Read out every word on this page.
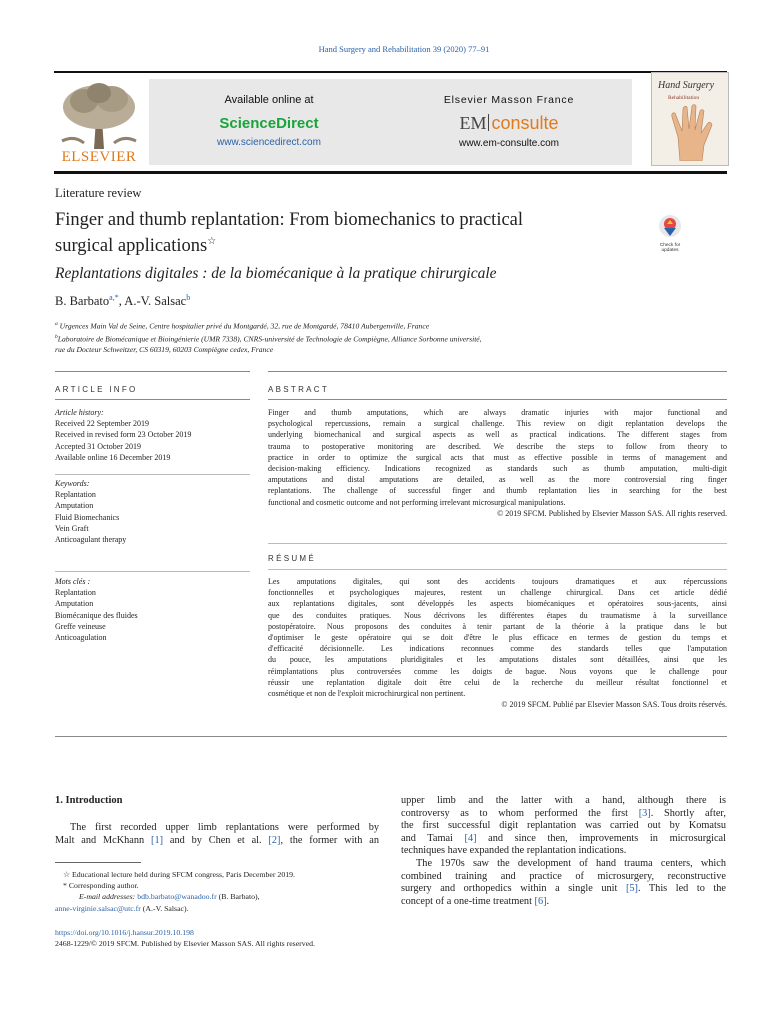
Hand Surgery and Rehabilitation 39 (2020) 77–91
ELSEVIER
Available online at
ScienceDirect
www.sciencedirect.com
Elsevier Masson France
EM consulte
www.em-consulte.com
Hand Surgery
Rehabilitation
Literature review
Finger and thumb replantation: From biomechanics to practical
surgical applications☆	Check for updates
Replantations digitales : de la biomécanique à la pratique chirurgicale
B. Barbato$^{a,*}$, A.-V. Salsac$^b$
$^a$ Urgences Main Val de Seine, Centre hospitalier privé du Montgardé, 32, rue de Montgardé, 78410 Aubergenville, France
$^b$Laboratoire de Biomécanique et Bioingénierie (UMR 7338), CNRS-université de Technologie de Compiègne, Alliance Sorbonne université,
rue du Docteur Schweitzer, CS 60319, 60203 Compiègne cedex, France
ARTICLE INFO
Article history:
Received 22 September 2019
Received in revised form 23 October 2019
Accepted 31 October 2019
Available online 16 December 2019
Keywords:
Replantation
Amputation
Fluid Biomechanics
Vein Graft
Anticoagulant therapy
Mots clés :
Replantation
Amputation
Biomécanique des fluides
Greffe veineuse
Anticoagulation
ABSTRACT
Finger and thumb amputations, which are always dramatic injuries with major functional and
psychological repercussions, remain a surgical challenge. This review on digit replantation develops the
underlying biomechanical and surgical aspects as well as practical indications. The different stages from
trauma to postoperative monitoring are described. We describe the steps to follow from theory to
practice in order to optimize the surgical acts that must as effective possible in terms of management and
decision-making efficiency. Indications recognized as standards such as thumb amputation, multi-digit
amputations and distal amputations are detailed, as well as the more controversial ring finger
replantations. The challenge of successful finger and thumb replantation lies in searching for the best
functional and cosmetic outcome and not performing irrelevant microsurgical manipulations.
© 2019 SFCM. Published by Elsevier Masson SAS. All rights reserved.
RÉSUMÉ
Les amputations digitales, qui sont des accidents toujours dramatiques et aux répercussions
fonctionnelles et psychologiques majeures, restent un challenge chirurgical. Dans cet article dédié
aux replantations digitales, sont développés les aspects biomécaniques et opératoires sous-jacents, ainsi
que des conduites pratiques. Nous décrivons les différentes étapes du traumatisme à la surveillance
postopératoire. Nous proposons des conduites à tenir partant de la théorie à la pratique dans le but
d'optimiser le geste opératoire qui se doit d'être le plus efficace en termes de gestion du temps et
d'efficacité décisionnelle. Les indications reconnues comme des standards telles que l'amputation
du pouce, les amputations pluridigitales et les amputations distales sont détaillées, ainsi que les
réimplantations plus controversées comme les doigts de bague. Nous voyons que le challenge pour
réussir une replantation digitale doit être celui de la recherche du meilleur résultat fonctionnel et
cosmétique et non de l'exploit microchirurgical non pertinent.
© 2019 SFCM. Publié par Elsevier Masson SAS. Tous droits réservés.
1. Introduction
The first recorded upper limb replantations were performed by
Malt and McKhann [1] and by Chen et al. [2], the former with an
☆ Educational lecture held during SFCM congress, Paris December 2019.
* Corresponding author.
E-mail addresses: bdb.barbato@wanadoo.fr (B. Barbato),
anne-virginie.salsac@utc.fr (A.-V. Salsac).
https://doi.org/10.1016/j.hansur.2019.10.198
2468-1229/© 2019 SFCM. Published by Elsevier Masson SAS. All rights reserved.
upper limb and the latter with a hand, although there is
controversy as to whom performed the first [3]. Shortly after,
the first successful digit replantation was carried out by Komatsu
and Tamai [4] and since then, improvements in microsurgical
techniques have expanded the replantation indications.
The 1970s saw the development of hand trauma centers, which
combined training and practice of microsurgery, reconstructive
surgery and orthopedics within a single unit [5]. This led to the
concept of a one-time treatment [6].
